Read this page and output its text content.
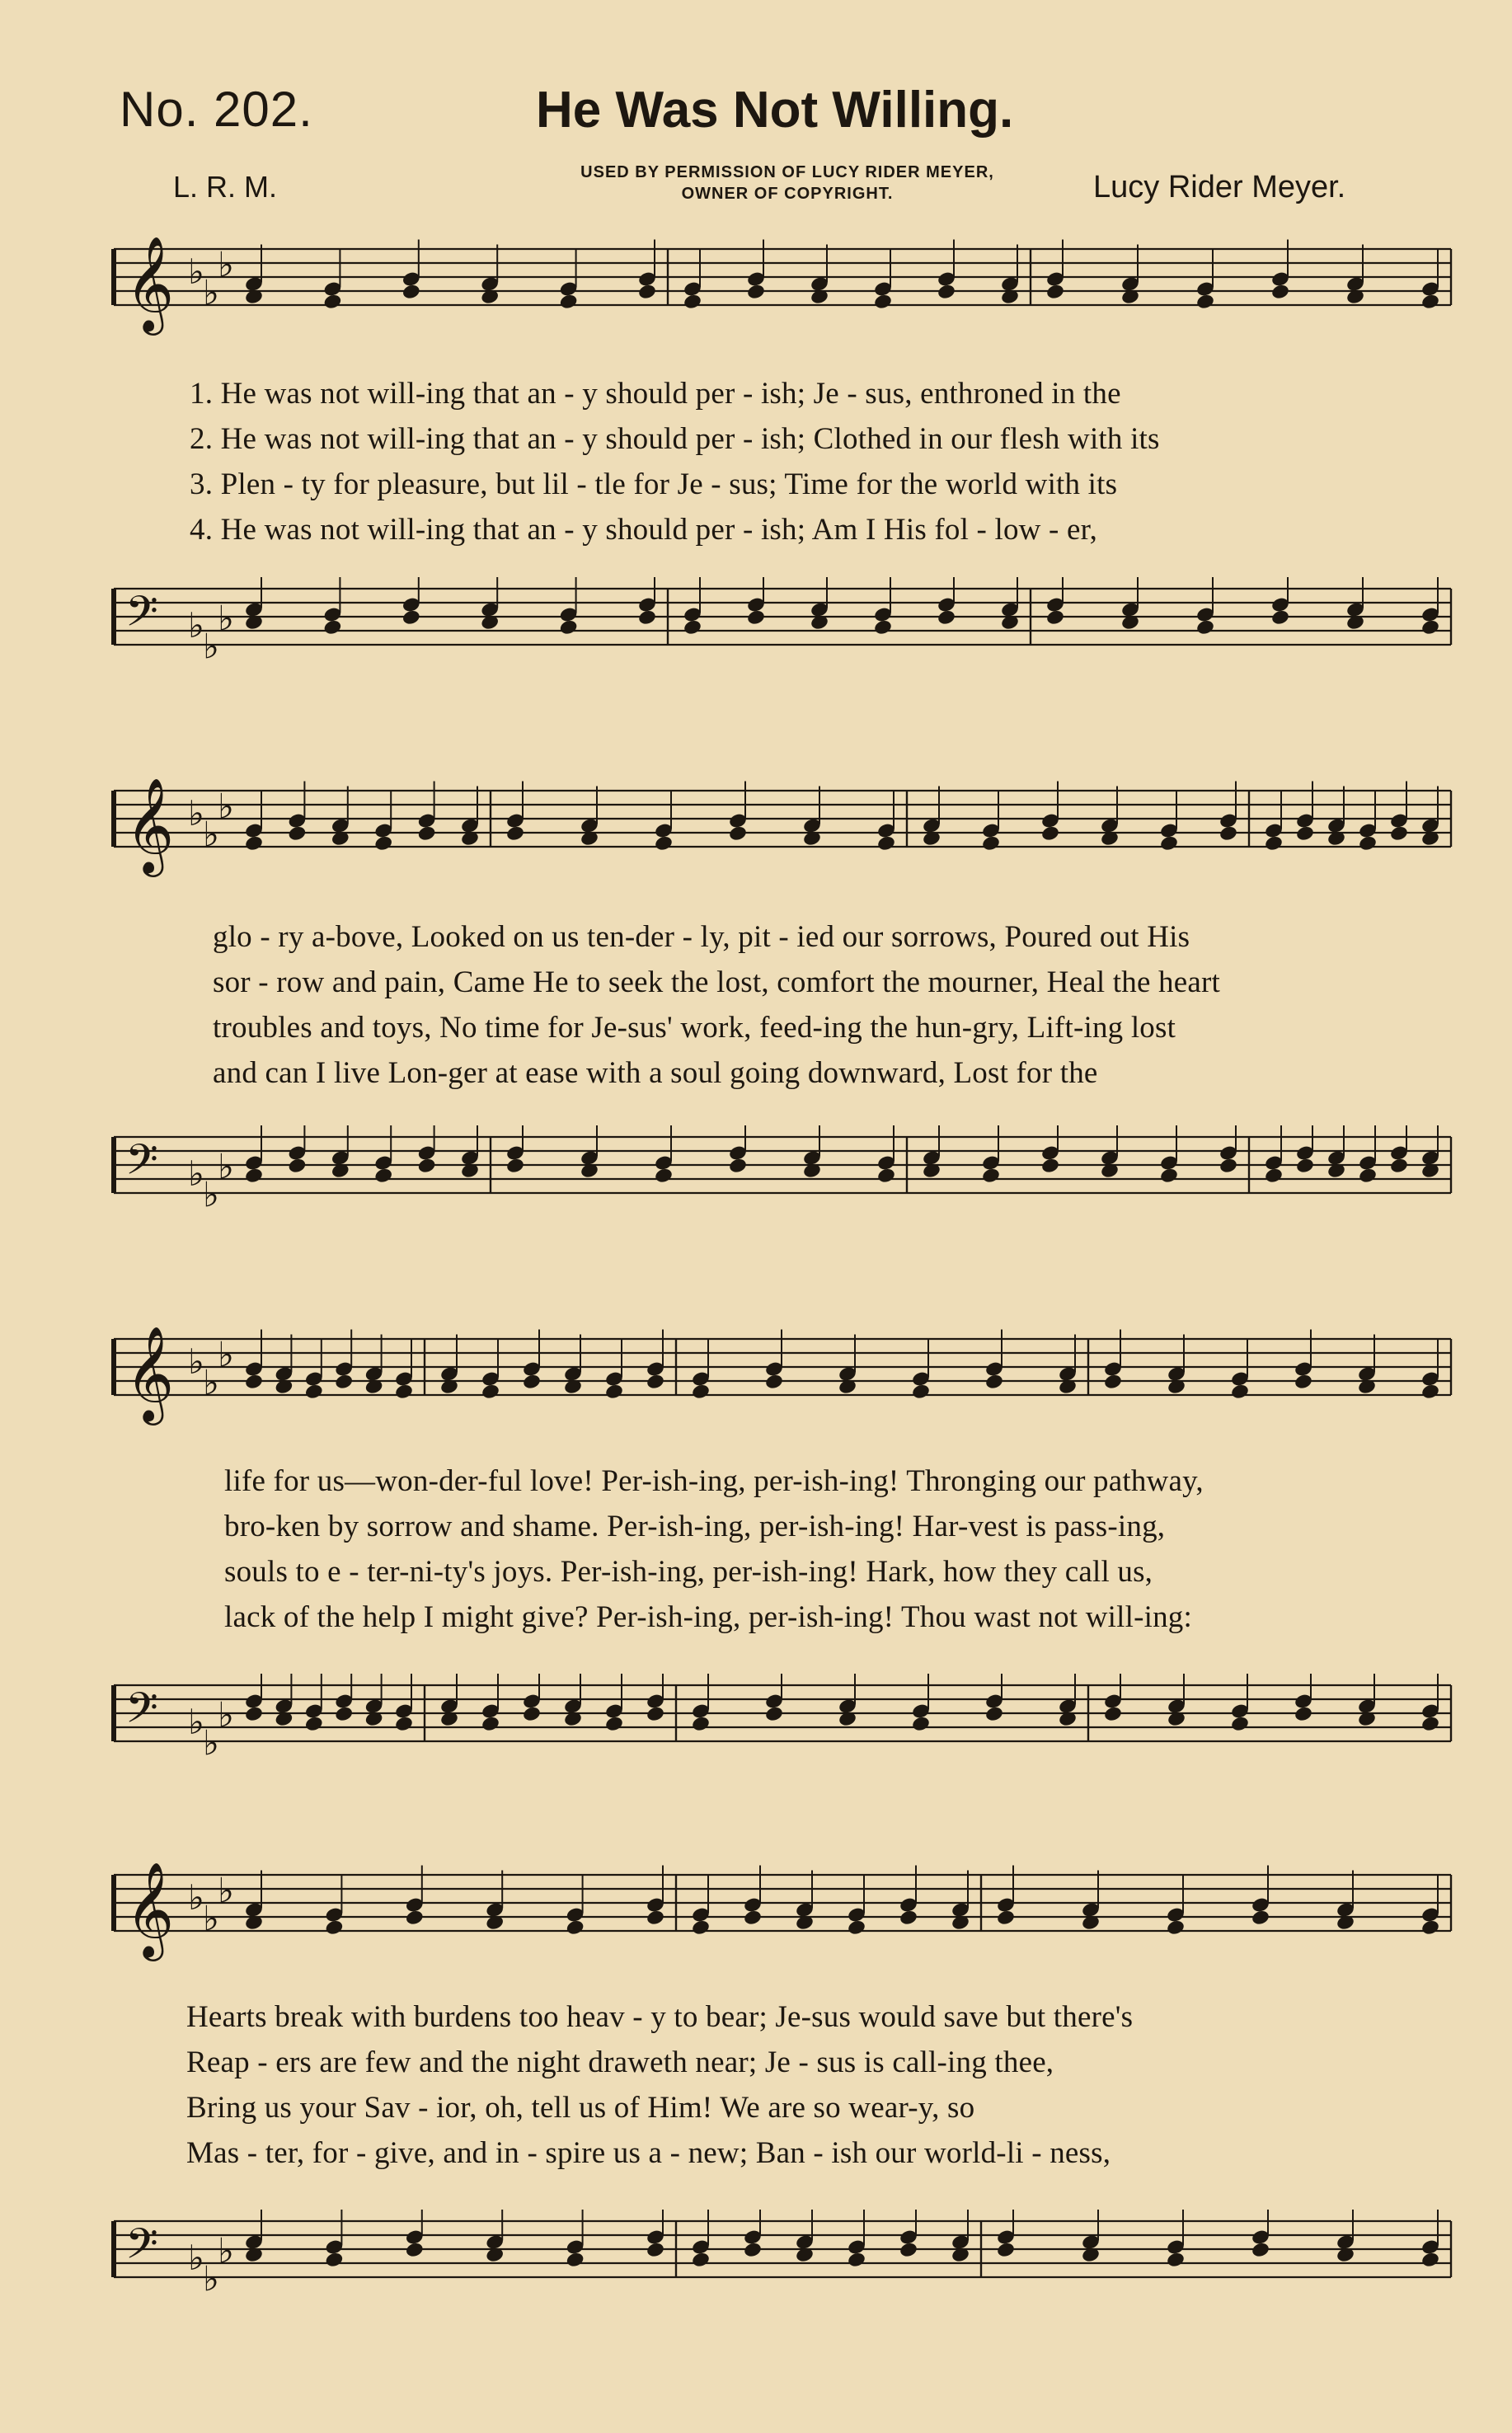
No. 202.	He Was Not Willing.
L. R. M.	USED BY PERMISSION OF LUCY RIDER MEYER,
OWNER OF COPYRIGHT.	Lucy Rider Meyer.
𝄞 ♭
♭
♭
1. He was not will-ing that an - y should per - ish; Je - sus, enthroned in the
2. He was not will-ing that an - y should per - ish; Clothed in our flesh with its
3. Plen - ty for pleasure, but lil - tle for Je - sus; Time for the world with its
4. He was not will-ing that an - y should per - ish; Am I His fol - low - er,
𝄢 ♭
♭
♭
𝄞 ♭
♭
♭
glo - ry a-bove, Looked on us ten-der - ly, pit - ied our sorrows, Poured out His
sor - row and pain, Came He to seek the lost, comfort the mourner, Heal the heart
troubles and toys, No time for Je-sus' work, feed-ing the hun-gry, Lift-ing lost
and can I live Lon-ger at ease with a soul going downward, Lost for the
𝄢 ♭
♭
♭
𝄞 ♭
♭
♭
life for us—won-der-ful love! Per-ish-ing, per-ish-ing! Thronging our pathway,
bro-ken by sorrow and shame. Per-ish-ing, per-ish-ing! Har-vest is pass-ing,
souls to e - ter-ni-ty's joys. Per-ish-ing, per-ish-ing! Hark, how they call us,
lack of the help I might give? Per-ish-ing, per-ish-ing! Thou wast not will-ing:
𝄢 ♭
♭
♭
𝄞 ♭
♭
♭
Hearts break with burdens too heav - y to bear; Je-sus would save but there's
Reap - ers are few and the night draweth near; Je - sus is call-ing thee,
Bring us your Sav - ior, oh, tell us of Him! We are so wear-y, so
Mas - ter, for - give, and in - spire us a - new; Ban - ish our world-li - ness,
𝄢 ♭
♭
♭
